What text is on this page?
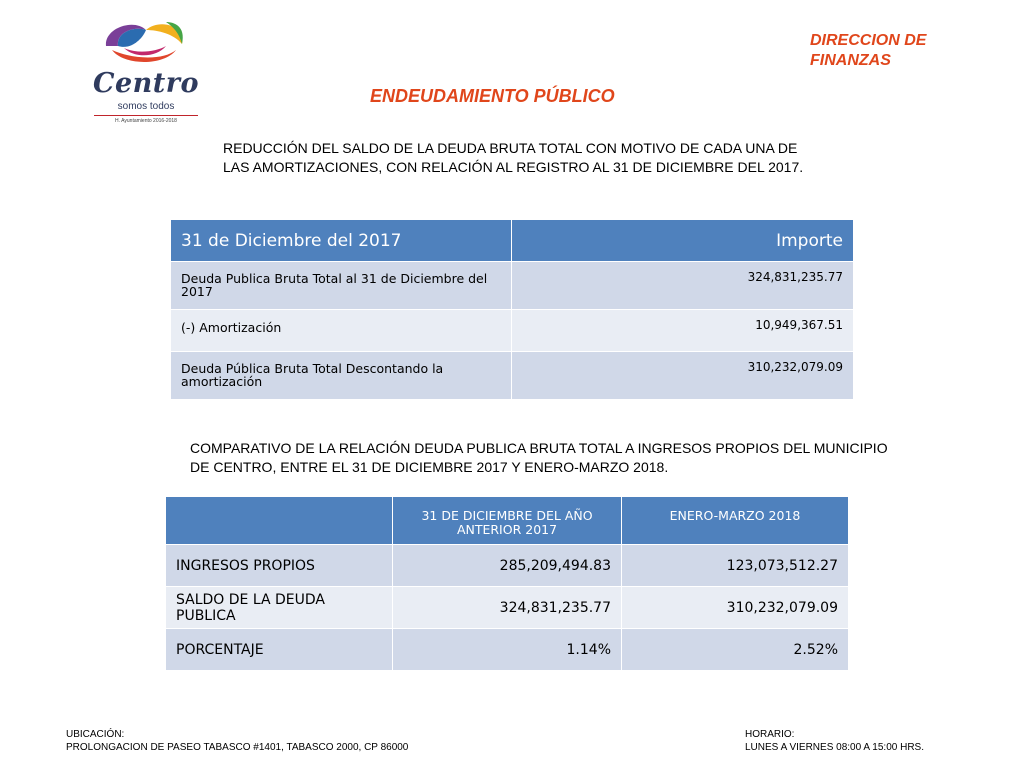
Centro
somos todos
H. Ayuntamiento 2016-2018
DIRECCION DE
FINANZAS
ENDEUDAMIENTO PÚBLICO
REDUCCIÓN DEL SALDO DE LA DEUDA BRUTA TOTAL CON MOTIVO DE CADA UNA DE LAS AMORTIZACIONES, CON RELACIÓN AL REGISTRO AL 31 DE DICIEMBRE DEL 2017.
31 de Diciembre del 2017	Importe
Deuda Publica Bruta Total al 31 de Diciembre del 2017	324,831,235.77
(-) Amortización	10,949,367.51
Deuda Pública Bruta Total Descontando la amortización	310,232,079.09
COMPARATIVO DE LA RELACIÓN DEUDA PUBLICA BRUTA TOTAL A INGRESOS PROPIOS DEL MUNICIPIO DE CENTRO, ENTRE EL 31 DE DICIEMBRE 2017 Y ENERO-MARZO 2018.
	31 DE DICIEMBRE DEL AÑO ANTERIOR 2017	ENERO-MARZO 2018
INGRESOS PROPIOS	285,209,494.83	123,073,512.27
SALDO DE LA DEUDA PUBLICA	324,831,235.77	310,232,079.09
PORCENTAJE	1.14%	2.52%
UBICACIÓN:
PROLONGACION DE PASEO TABASCO #1401, TABASCO 2000, CP 86000
HORARIO:
LUNES A VIERNES 08:00 A 15:00 HRS.
